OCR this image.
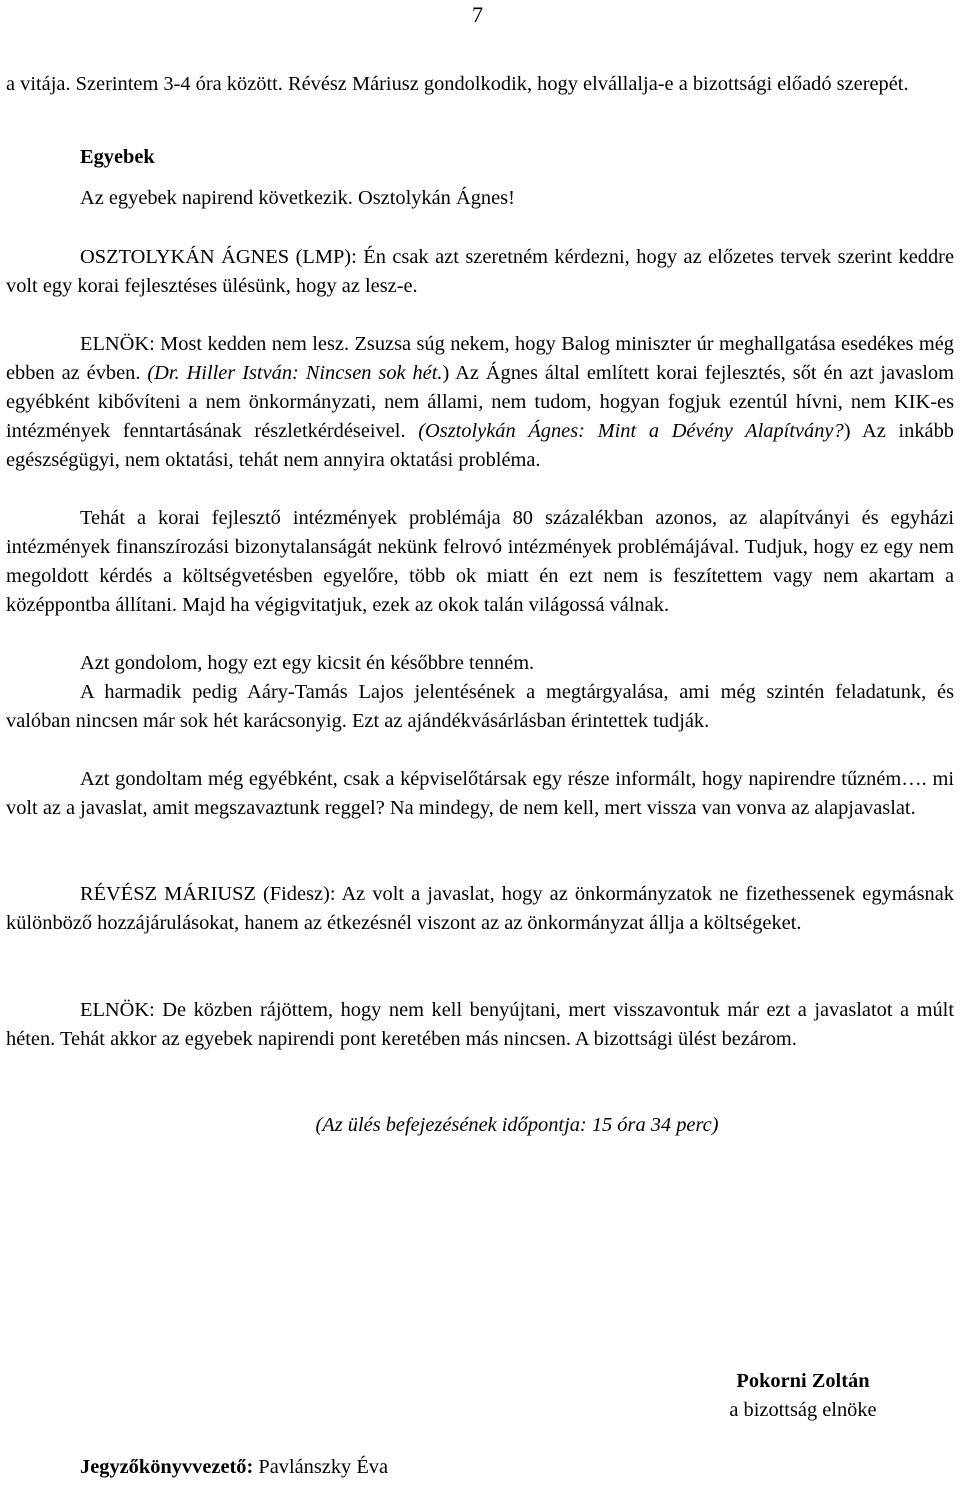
7

a vitája. Szerintem 3-4 óra között. Révész Máriusz gondolkodik, hogy elvállalja-e a bizottsági előadó szerepét.

Egyebek

Az egyebek napirend következik. Osztolykán Ágnes!

OSZTOLYKÁN ÁGNES (LMP): Én csak azt szeretném kérdezni, hogy az előzetes tervek szerint keddre volt egy korai fejlesztéses ülésünk, hogy az lesz-e.

ELNÖK: Most kedden nem lesz. Zsuzsa súg nekem, hogy Balog miniszter úr meghallgatása esedékes még ebben az évben. (Dr. Hiller István: Nincsen sok hét.) Az Ágnes által említett korai fejlesztés, sőt én azt javaslom egyébként kibővíteni a nem önkormányzati, nem állami, nem tudom, hogyan fogjuk ezentúl hívni, nem KIK-es intézmények fenntartásának részletkérdéseivel. (Osztolykán Ágnes: Mint a Dévény Alapítvány?) Az inkább egészségügyi, nem oktatási, tehát nem annyira oktatási probléma.

Tehát a korai fejlesztő intézmények problémája 80 százalékban azonos, az alapítványi és egyházi intézmények finanszírozási bizonytalanságát nekünk felrovó intézmények problémájával. Tudjuk, hogy ez egy nem megoldott kérdés a költségvetésben egyelőre, több ok miatt én ezt nem is feszítettem vagy nem akartam a középpontba állítani. Majd ha végigvitatjuk, ezek az okok talán világossá válnak.

Azt gondolom, hogy ezt egy kicsit én későbbre tenném.

A harmadik pedig Aáry-Tamás Lajos jelentésének a megtárgyalása, ami még szintén feladatunk, és valóban nincsen már sok hét karácsonyig. Ezt az ajándékvásárlásban érintettek tudják.

Azt gondoltam még egyébként, csak a képviselőtársak egy része informált, hogy napirendre tűzném…. mi volt az a javaslat, amit megszavaztunk reggel? Na mindegy, de nem kell, mert vissza van vonva az alapjavaslat.

RÉVÉSZ MÁRIUSZ (Fidesz): Az volt a javaslat, hogy az önkormányzatok ne fizethessenek egymásnak különböző hozzájárulásokat, hanem az étkezésnél viszont az az önkormányzat állja a költségeket.

ELNÖK: De közben rájöttem, hogy nem kell benyújtani, mert visszavontuk már ezt a javaslatot a múlt héten. Tehát akkor az egyebek napirendi pont keretében más nincsen. A bizottsági ülést bezárom.

(Az ülés befejezésének időpontja: 15 óra 34 perc)

Pokorni Zoltán

a bizottság elnöke

Jegyzőkönyvvezető: Pavlánszky Éva
